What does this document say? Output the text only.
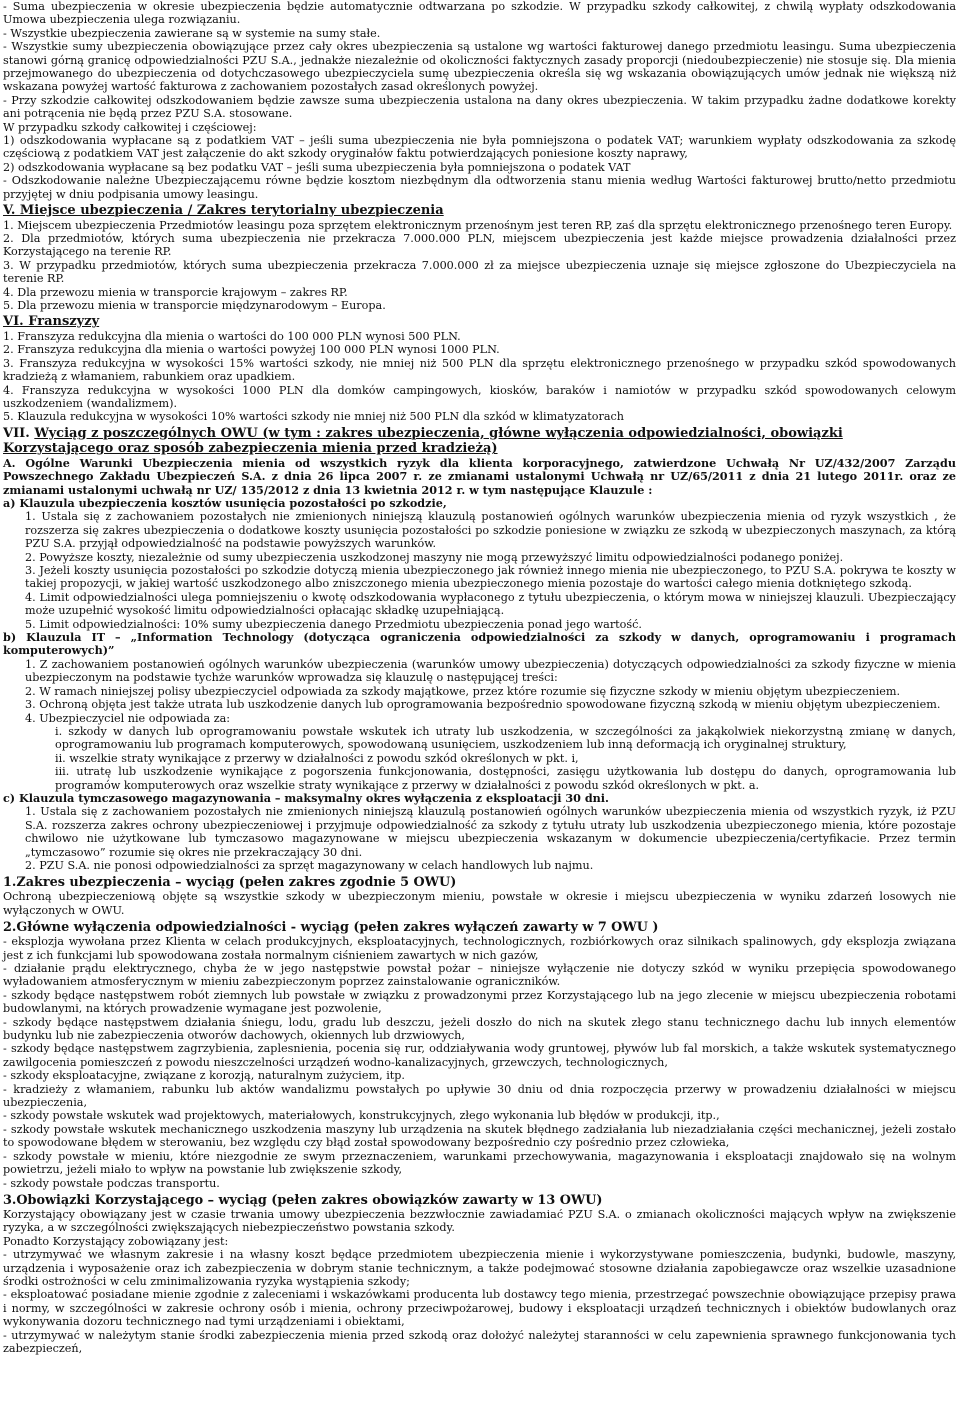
- Suma ubezpieczenia w okresie ubezpieczenia będzie automatycznie odtwarzana po szkodzie. W przypadku szkody całkowitej, z chwilą wypłaty odszkodowania Umowa ubezpieczenia ulega rozwiązaniu.

- Wszystkie ubezpieczenia zawierane są w systemie na sumy stałe.

- Wszystkie sumy ubezpieczenia obowiązujące przez cały okres ubezpieczenia są ustalone wg wartości fakturowej danego przedmiotu leasingu. Suma ubezpieczenia stanowi górną granicę odpowiedzialności PZU S.A., jednakże niezależnie od okoliczności faktycznych zasady proporcji (niedoubezpieczenie) nie stosuje się. Dla mienia przejmowanego do ubezpieczenia od dotychczasowego ubezpieczyciela sumę ubezpieczenia określa się wg wskazania obowiązujących umów jednak nie większą niż wskazana powyżej wartość fakturowa z zachowaniem pozostałych zasad określonych powyżej.

- Przy szkodzie całkowitej odszkodowaniem będzie zawsze suma ubezpieczenia ustalona na dany okres ubezpieczenia. W takim przypadku żadne dodatkowe korekty ani potrącenia nie będą przez PZU S.A. stosowane.

W przypadku szkody całkowitej i częściowej:

1) odszkodowania wypłacane są z podatkiem VAT – jeśli suma ubezpieczenia nie była pomniejszona o podatek VAT; warunkiem wypłaty odszkodowania za szkodę częściową z podatkiem VAT jest załączenie do akt szkody oryginałów faktu potwierdzających poniesione koszty naprawy,

2) odszkodowania wypłacane są bez podatku VAT – jeśli suma ubezpieczenia była pomniejszona o podatek VAT

- Odszkodowanie należne Ubezpieczającemu równe będzie kosztom niezbędnym dla odtworzenia stanu mienia według Wartości fakturowej brutto/netto przedmiotu przyjętej w dniu podpisania umowy leasingu.

V. Miejsce ubezpieczenia / Zakres terytorialny ubezpieczenia

1. Miejscem ubezpieczenia Przedmiotów leasingu poza sprzętem elektronicznym przenośnym jest teren RP, zaś dla sprzętu elektronicznego przenośnego teren Europy.

2. Dla przedmiotów, których suma ubezpieczenia nie przekracza 7.000.000 PLN, miejscem ubezpieczenia jest każde miejsce prowadzenia działalności przez Korzystającego na terenie RP.

3. W przypadku przedmiotów, których suma ubezpieczenia przekracza 7.000.000 zł za miejsce ubezpieczenia uznaje się miejsce zgłoszone do Ubezpieczyciela na terenie RP.

4. Dla przewozu mienia w transporcie krajowym – zakres RP.

5. Dla przewozu mienia w transporcie międzynarodowym – Europa.

VI. Franszyzy

1. Franszyza redukcyjna dla mienia o wartości do 100 000 PLN wynosi 500 PLN.

2. Franszyza redukcyjna dla mienia o wartości powyżej 100 000 PLN wynosi 1000 PLN.

3. Franszyza redukcyjna w wysokości 15% wartości szkody, nie mniej niż 500 PLN dla sprzętu elektronicznego przenośnego w przypadku szkód spowodowanych kradzieżą z włamaniem, rabunkiem oraz upadkiem.

4. Franszyza redukcyjna w wysokości 1000 PLN dla domków campingowych, kiosków, baraków i namiotów w przypadku szkód spowodowanych celowym uszkodzeniem (wandalizmem).

5. Klauzula redukcyjna w wysokości 10% wartości szkody nie mniej niż 500 PLN dla szkód w klimatyzatorach

VII. Wyciąg z poszczególnych OWU (w tym : zakres ubezpieczenia, główne wyłączenia odpowiedzialności, obowiązki Korzystającego oraz sposób zabezpieczenia mienia przed kradzieżą)

A. Ogólne Warunki Ubezpieczenia mienia od wszystkich ryzyk dla klienta korporacyjnego, zatwierdzone Uchwałą Nr UZ/432/2007 Zarządu Powszechnego Zakładu Ubezpieczeń S.A. z dnia 26 lipca 2007 r. ze zmianami ustalonymi Uchwałą nr UZ/65/2011 z dnia 21 lutego 2011r. oraz ze zmianami ustalonymi uchwałą nr UZ/ 135/2012 z dnia 13 kwietnia 2012 r. w tym następujące Klauzule :

a) Klauzula ubezpieczenia kosztów usunięcia pozostałości po szkodzie,

1. Ustala się z zachowaniem pozostałych nie zmienionych niniejszą klauzulą postanowień ogólnych warunków ubezpieczenia mienia od ryzyk wszystkich , że rozszerza się zakres ubezpieczenia o dodatkowe koszty usunięcia pozostałości po szkodzie poniesione w związku ze szkodą w ubezpieczonych maszynach, za którą PZU S.A. przyjął odpowiedzialność na podstawie powyższych warunków.

2. Powyższe koszty, niezależnie od sumy ubezpieczenia uszkodzonej maszyny nie mogą przewyższyć limitu odpowiedzialności podanego poniżej.

3. Jeżeli koszty usunięcia pozostałości po szkodzie dotyczą mienia ubezpieczonego jak również innego mienia nie ubezpieczonego, to PZU S.A. pokrywa te koszty w takiej propozycji, w jakiej wartość uszkodzonego albo zniszczonego mienia ubezpieczonego mienia pozostaje do wartości całego mienia dotkniętego szkodą.

4. Limit odpowiedzialności ulega pomniejszeniu o kwotę odszkodowania wypłaconego z tytułu ubezpieczenia, o którym mowa w niniejszej klauzuli. Ubezpieczający może uzupełnić wysokość limitu odpowiedzialności opłacając składkę uzupełniającą.

5. Limit odpowiedzialności: 10% sumy ubezpieczenia danego Przedmiotu ubezpieczenia ponad jego wartość.

b) Klauzula IT – „Information Technology (dotycząca ograniczenia odpowiedzialności za szkody w danych, oprogramowaniu i programach komputerowych)”

1. Z zachowaniem postanowień ogólnych warunków ubezpieczenia (warunków umowy ubezpieczenia) dotyczących odpowiedzialności za szkody fizyczne w mienia ubezpieczonym na podstawie tychże warunków wprowadza się klauzulę o następującej treści:

2. W ramach niniejszej polisy ubezpieczyciel odpowiada za szkody majątkowe, przez które rozumie się fizyczne szkody w mieniu objętym ubezpieczeniem.

3. Ochroną objęta jest także utrata lub uszkodzenie danych lub oprogramowania bezpośrednio spowodowane fizyczną szkodą w mieniu objętym ubezpieczeniem.

4. Ubezpieczyciel nie odpowiada za:

i. szkody w danych lub oprogramowaniu powstałe wskutek ich utraty lub uszkodzenia, w szczególności za jakąkolwiek niekorzystną zmianę w danych, oprogramowaniu lub programach komputerowych, spowodowaną usunięciem, uszkodzeniem lub inną deformacją ich oryginalnej struktury,

ii. wszelkie straty wynikające z przerwy w działalności z powodu szkód określonych w pkt. i,

iii. utratę lub uszkodzenie wynikające z pogorszenia funkcjonowania, dostępności, zasięgu użytkowania lub dostępu do danych, oprogramowania lub programów komputerowych oraz wszelkie straty wynikające z przerwy w działalności z powodu szkód określonych w pkt. a.

c) Klauzula tymczasowego magazynowania – maksymalny okres wyłączenia z eksploatacji 30 dni.

1. Ustala się z zachowaniem pozostałych nie zmienionych niniejszą klauzulą postanowień ogólnych warunków ubezpieczenia mienia od wszystkich ryzyk, iż PZU S.A. rozszerza zakres ochrony ubezpieczeniowej i przyjmuje odpowiedzialność za szkody z tytułu utraty lub uszkodzenia ubezpieczonego mienia, które pozostaje chwilowo nie użytkowane lub tymczasowo magazynowane w miejscu ubezpieczenia wskazanym w dokumencie ubezpieczenia/certyfikacie. Przez termin „tymczasowo” rozumie się okres nie przekraczający 30 dni.

2. PZU S.A. nie ponosi odpowiedzialności za sprzęt magazynowany w celach handlowych lub najmu.

1.Zakres ubezpieczenia – wyciąg (pełen zakres zgodnie 5 OWU)

Ochroną ubezpieczeniową objęte są wszystkie szkody w ubezpieczonym mieniu, powstałe w okresie i miejscu ubezpieczenia w wyniku zdarzeń losowych nie wyłączonych w OWU.

2.Główne wyłączenia odpowiedzialności - wyciąg (pełen zakres wyłączeń zawarty w 7 OWU )

- eksplozja wywołana przez Klienta w celach produkcyjnych, eksploatacyjnych, technologicznych, rozbiórkowych oraz silnikach spalinowych, gdy eksplozja związana jest z ich funkcjami lub spowodowana została normalnym ciśnieniem zawartych w nich gazów,

- działanie prądu elektrycznego, chyba że w jego następstwie powstał pożar – niniejsze wyłączenie nie dotyczy szkód w wyniku przepięcia spowodowanego wyładowaniem atmosferycznym w mieniu zabezpieczonym poprzez zainstalowanie ograniczników.

- szkody będące następstwem robót ziemnych lub powstałe w związku z prowadzonymi przez Korzystającego lub na jego zlecenie w miejscu ubezpieczenia robotami budowlanymi, na których prowadzenie wymagane jest pozwolenie,

- szkody będące następstwem działania śniegu, lodu, gradu lub deszczu, jeżeli doszło do nich na skutek złego stanu technicznego dachu lub innych elementów budynku lub nie zabezpieczenia otworów dachowych, okiennych lub drzwiowych,

- szkody będące następstwem zagrzybienia, zaplesnienia, pocenia się rur, oddziaływania wody gruntowej, pływów lub fal morskich, a także wskutek systematycznego zawilgocenia pomieszczeń z powodu nieszczelności urządzeń wodno-kanalizacyjnych, grzewczych, technologicznych,

- szkody eksploatacyjne, związane z korozją, naturalnym zużyciem, itp.

- kradzieży z włamaniem, rabunku lub aktów wandalizmu powstałych po upływie 30 dniu od dnia rozpoczęcia przerwy w prowadzeniu działalności w miejscu ubezpieczenia,

- szkody powstałe wskutek wad projektowych, materiałowych, konstrukcyjnych, złego wykonania lub błędów w produkcji, itp.,

- szkody powstałe wskutek mechanicznego uszkodzenia maszyny lub urządzenia na skutek błędnego zadziałania lub niezadziałania części mechanicznej, jeżeli zostało to spowodowane błędem w sterowaniu, bez względu czy błąd został spowodowany bezpośrednio czy pośrednio przez człowieka,

- szkody powstałe w mieniu, które niezgodnie ze swym przeznaczeniem, warunkami przechowywania, magazynowania i eksploatacji znajdowało się na wolnym powietrzu, jeżeli miało to wpływ na powstanie lub zwiększenie szkody,

- szkody powstałe podczas transportu.

3.Obowiązki Korzystającego – wyciąg (pełen zakres obowiązków zawarty w 13 OWU)

Korzystający obowiązany jest w czasie trwania umowy ubezpieczenia bezzwłocznie zawiadamiać PZU S.A. o zmianach okoliczności mających wpływ na zwiększenie ryzyka, a w szczególności zwiększających niebezpieczeństwo powstania szkody.

Ponadto Korzystający zobowiązany jest:

- utrzymywać we własnym zakresie i na własny koszt będące przedmiotem ubezpieczenia mienie i wykorzystywane pomieszczenia, budynki, budowle, maszyny, urządzenia i wyposażenie oraz ich zabezpieczenia w dobrym stanie technicznym, a także podejmować stosowne działania zapobiegawcze oraz wszelkie uzasadnione środki ostrożności w celu zminimalizowania ryzyka wystąpienia szkody;

- eksploatować posiadane mienie zgodnie z zaleceniami i wskazówkami producenta lub dostawcy tego mienia, przestrzegać powszechnie obowiązujące przepisy prawa i normy, w szczególności w zakresie ochrony osób i mienia, ochrony przeciwpożarowej, budowy i eksploatacji urządzeń technicznych i obiektów budowlanych oraz wykonywania dozoru technicznego nad tymi urządzeniami i obiektami,

- utrzymywać w należytym stanie środki zabezpieczenia mienia przed szkodą oraz dołożyć należytej staranności w celu zapewnienia sprawnego funkcjonowania tych zabezpieczeń,
